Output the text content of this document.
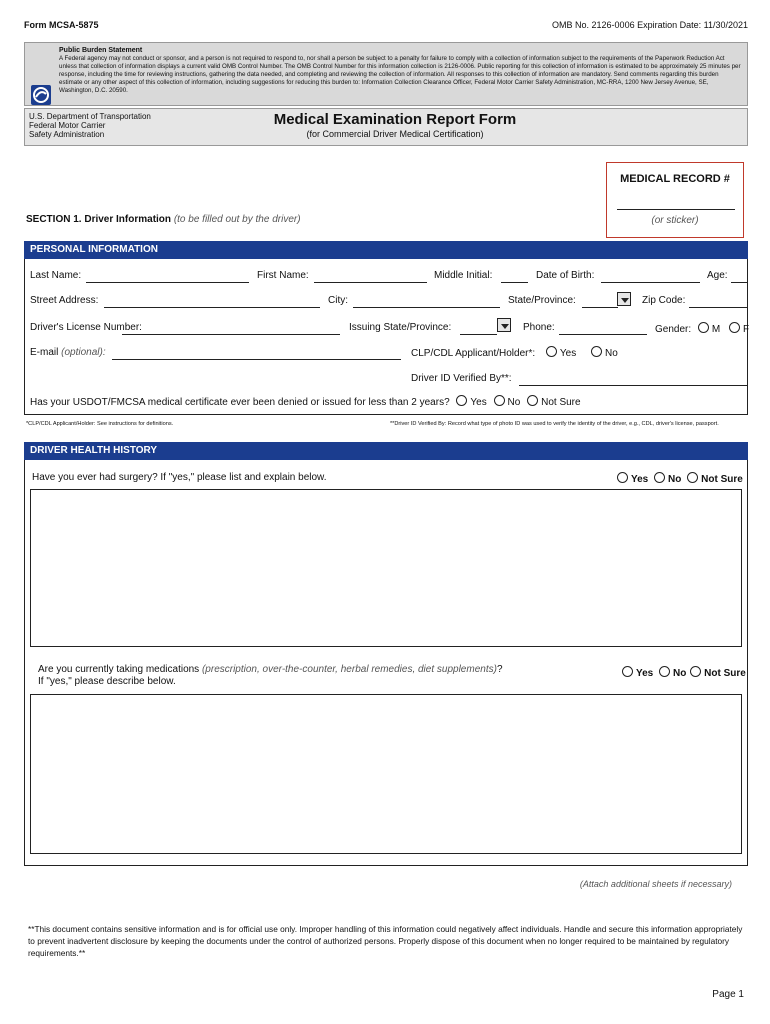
Form MCSA-5875	OMB No. 2126-0006 Expiration Date: 11/30/2021
Public Burden Statement
A Federal agency may not conduct or sponsor, and a person is not required to respond to, nor shall a person be subject to a penalty for failure to comply with a collection of information subject to the requirements of the Paperwork Reduction Act unless that collection of information displays a current valid OMB Control Number. The OMB Control Number for this information collection is 2126-0006. Public reporting for this collection of information is estimated to be approximately 25 minutes per response, including the time for reviewing instructions, gathering the data needed, and completing and reviewing the collection of information. All responses to this collection of information are mandatory. Send comments regarding this burden estimate or any other aspect of this collection of information, including suggestions for reducing this burden to: Information Collection Clearance Officer, Federal Motor Carrier Safety Administration, MC-RRA, 1200 New Jersey Avenue, SE, Washington, D.C. 20590.
U.S. Department of Transportation
Federal Motor Carrier
Safety Administration
Medical Examination Report Form
(for Commercial Driver Medical Certification)
MEDICAL RECORD #
(or sticker)
SECTION 1. Driver Information (to be filled out by the driver)
PERSONAL INFORMATION
Last Name:	First Name:	Middle Initial:	Date of Birth:	Age:
Street Address:	City:	State/Province:	Zip Code:
Driver's License Number:	Issuing State/Province:	Phone:	Gender: M F
E-mail (optional):	CLP/CDL Applicant/Holder*: Yes	No
Driver ID Verified By**:
Has your USDOT/FMCSA medical certificate ever been denied or issued for less than 2 years? Yes No Not Sure
*CLP/CDL Applicant/Holder: See instructions for definitions.	**Driver ID Verified By: Record what type of photo ID was used to verify the identity of the driver, e.g., CDL, driver's license, passport.
DRIVER HEALTH HISTORY
Have you ever had surgery? If "yes," please list and explain below.	Yes No Not Sure
Are you currently taking medications (prescription, over-the-counter, herbal remedies, diet supplements)?
If "yes," please describe below.
Yes No Not Sure
(Attach additional sheets if necessary)
**This document contains sensitive information and is for official use only. Improper handling of this information could negatively affect individuals. Handle and secure this information appropriately to prevent inadvertent disclosure by keeping the documents under the control of authorized persons. Properly dispose of this document when no longer required to be maintained by regulatory requirements.**
Page 1
